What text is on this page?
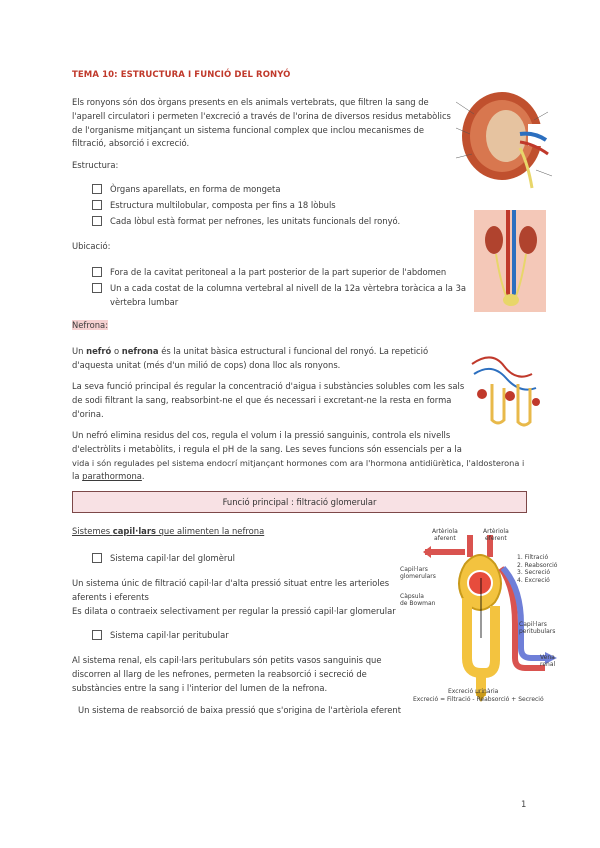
TEMA 10: ESTRUCTURA I FUNCIÓ DEL RONYÓ
Els ronyons són dos òrgans presents en els animals vertebrats, que filtren la sang de
l'aparell circulatori i permeten l'excreció a través de l'orina de diversos residus metabòlics
de l'organisme mitjançant un sistema funcional complex que inclou mecanismes de
filtració, absorció i excreció.
Estructura:
Òrgans aparellats, en forma de mongeta
Estructura multilobular, composta per fins a 18 lòbuls
Cada lòbul està format per nefrones, les unitats funcionals del ronyó.
Ubicació:
Fora de la cavitat peritoneal a la part posterior de la part superior de l'abdomen
Un a cada costat de la columna vertebral al nivell de la 12a vèrtebra toràcica a la 3a
vèrtebra lumbar
Nefrona:
Un nefró o nefrona és la unitat bàsica estructural i funcional del ronyó. La repetició
d'aquesta unitat (més d'un milió de cops) dona lloc als ronyons.
La seva funció principal és regular la concentració d'aigua i substàncies solubles com les sals
de sodi filtrant la sang, reabsorbint-ne el que és necessari i excretant-ne la resta en forma
d'orina.
Un nefró elimina residus del cos, regula el volum i la pressió sanguinis, controla els nivells
d'electròlits i metabòlits, i regula el pH de la sang. Les seves funcions són essencials per a la
vida i són regulades pel sistema endocrí mitjançant hormones com ara l'hormona antidiürètica, l'aldosterona i
la parathormona.
Funció principal : filtració glomerular
Sistemes capil·lars que alimenten la nefrona
Sistema capil·lar del glomèrul
Un sistema únic de filtració capil·lar d'alta pressió situat entre les arterioles
aferents i eferents
Es dilata o contraeix selectivament per regular la pressió capil·lar glomerular
Sistema capil·lar peritubular
Al sistema renal, els capil·lars peritubulars són petits vasos sanguinis que
discorren al llarg de les nefrones, permeten la reabsorció i secreció de
substàncies entre la sang i l'interior del lumen de la nefrona.
Un sistema de reabsorció de baixa pressió que s'origina de l'artèriola eferent
Artèriola
aferent
Artèriola
eferent
Capil·lars
glomerulars
Càpsula
de Bowman
1. Filtració
2. Reabsorció
3. Secreció
4. Excreció
Capil·lars
peritubulars
Vena
renal
Excreció urinària
Excreció = Filtració - Reabsorció + Secreció
1
